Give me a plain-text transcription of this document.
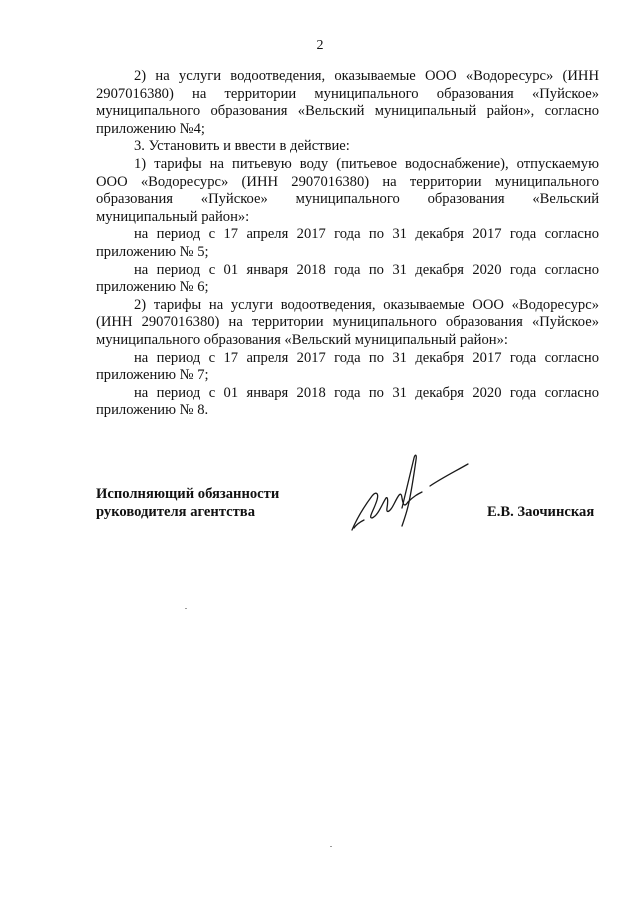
2

2) на услуги водоотведения, оказываемые ООО «Водоресурс» (ИНН 2907016380) на территории муниципального образования «Пуйское» муниципального образования «Вельский муниципальный район», согласно приложению №4;

3. Установить и ввести в действие:

1) тарифы на питьевую воду (питьевое водоснабжение), отпускаемую ООО «Водоресурс» (ИНН 2907016380) на территории муниципального образования «Пуйское» муниципального образования «Вельский муниципальный район»:

на период с 17 апреля 2017 года по 31 декабря 2017 года согласно приложению № 5;

на период с 01 января 2018 года по 31 декабря 2020 года согласно приложению № 6;

2) тарифы на услуги водоотведения, оказываемые ООО «Водоресурс» (ИНН 2907016380) на территории муниципального образования «Пуйское» муниципального образования «Вельский муниципальный район»:

на период с 17 апреля 2017 года по 31 декабря 2017 года согласно приложению № 7;

на период с 01 января 2018 года по 31 декабря 2020 года согласно приложению № 8.

Исполняющий обязанности
руководителя агентства	Е.В. Заочинская
